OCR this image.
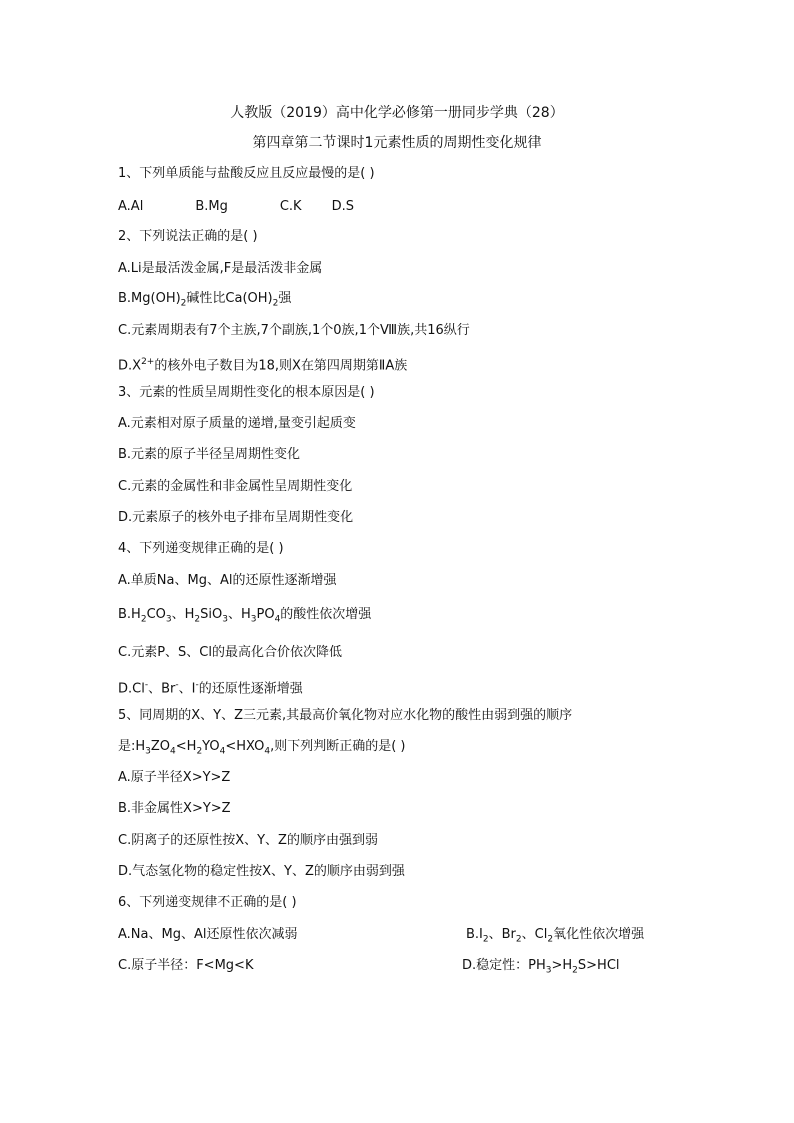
人教版（2019）高中化学必修第一册同步学典（28）
第四章第二节课时1元素性质的周期性变化规律
1、下列单质能与盐酸反应且反应最慢的是( )
A.Al	B.Mg	C.K D.S
2、下列说法正确的是( )
A.Li是最活泼金属,F是最活泼非金属
$B.Mg(OH)_2$碱性比$Ca(OH)_2$强
C.元素周期表有7个主族,7个副族,1个0族,1个Ⅷ族,共16纵行
$D.X^{2+}$的核外电子数目为18,则X在第四周期第ⅡA族
3、元素的性质呈周期性变化的根本原因是( )
A.元素相对原子质量的递增,量变引起质变
B.元素的原子半径呈周期性变化
C.元素的金属性和非金属性呈周期性变化
D.元素原子的核外电子排布呈周期性变化
4、下列递变规律正确的是( )
A.单质Na、Mg、Al的还原性逐渐增强
$B.H_2CO_3$、$H_2SiO_3$、$H_3PO_4$的酸性依次增强
C.元素P、S、Cl的最高化合价依次降低
D.Cl-、Br-、I-的还原性逐渐增强
5、同周期的X、Y、Z三元素,其最高价氧化物对应水化物的酸性由弱到强的顺序
是$:H_3ZO_4<H_2YO_4<HXO_4$,则下列判断正确的是( )
A.原子半径X>Y>Z
B.非金属性X>Y>Z
C.阴离子的还原性按X、Y、Z的顺序由强到弱
D.气态氢化物的稳定性按X、Y、Z的顺序由弱到强
6、下列递变规律不正确的是( )
A.Na、Mg、Al还原性依次减弱	$B.I_2$、$Br_2$、$Cl_2$氧化性依次增强
C.原子半径：F<Mg<K	D.稳定性：$PH_3>H_2S>HCl$
